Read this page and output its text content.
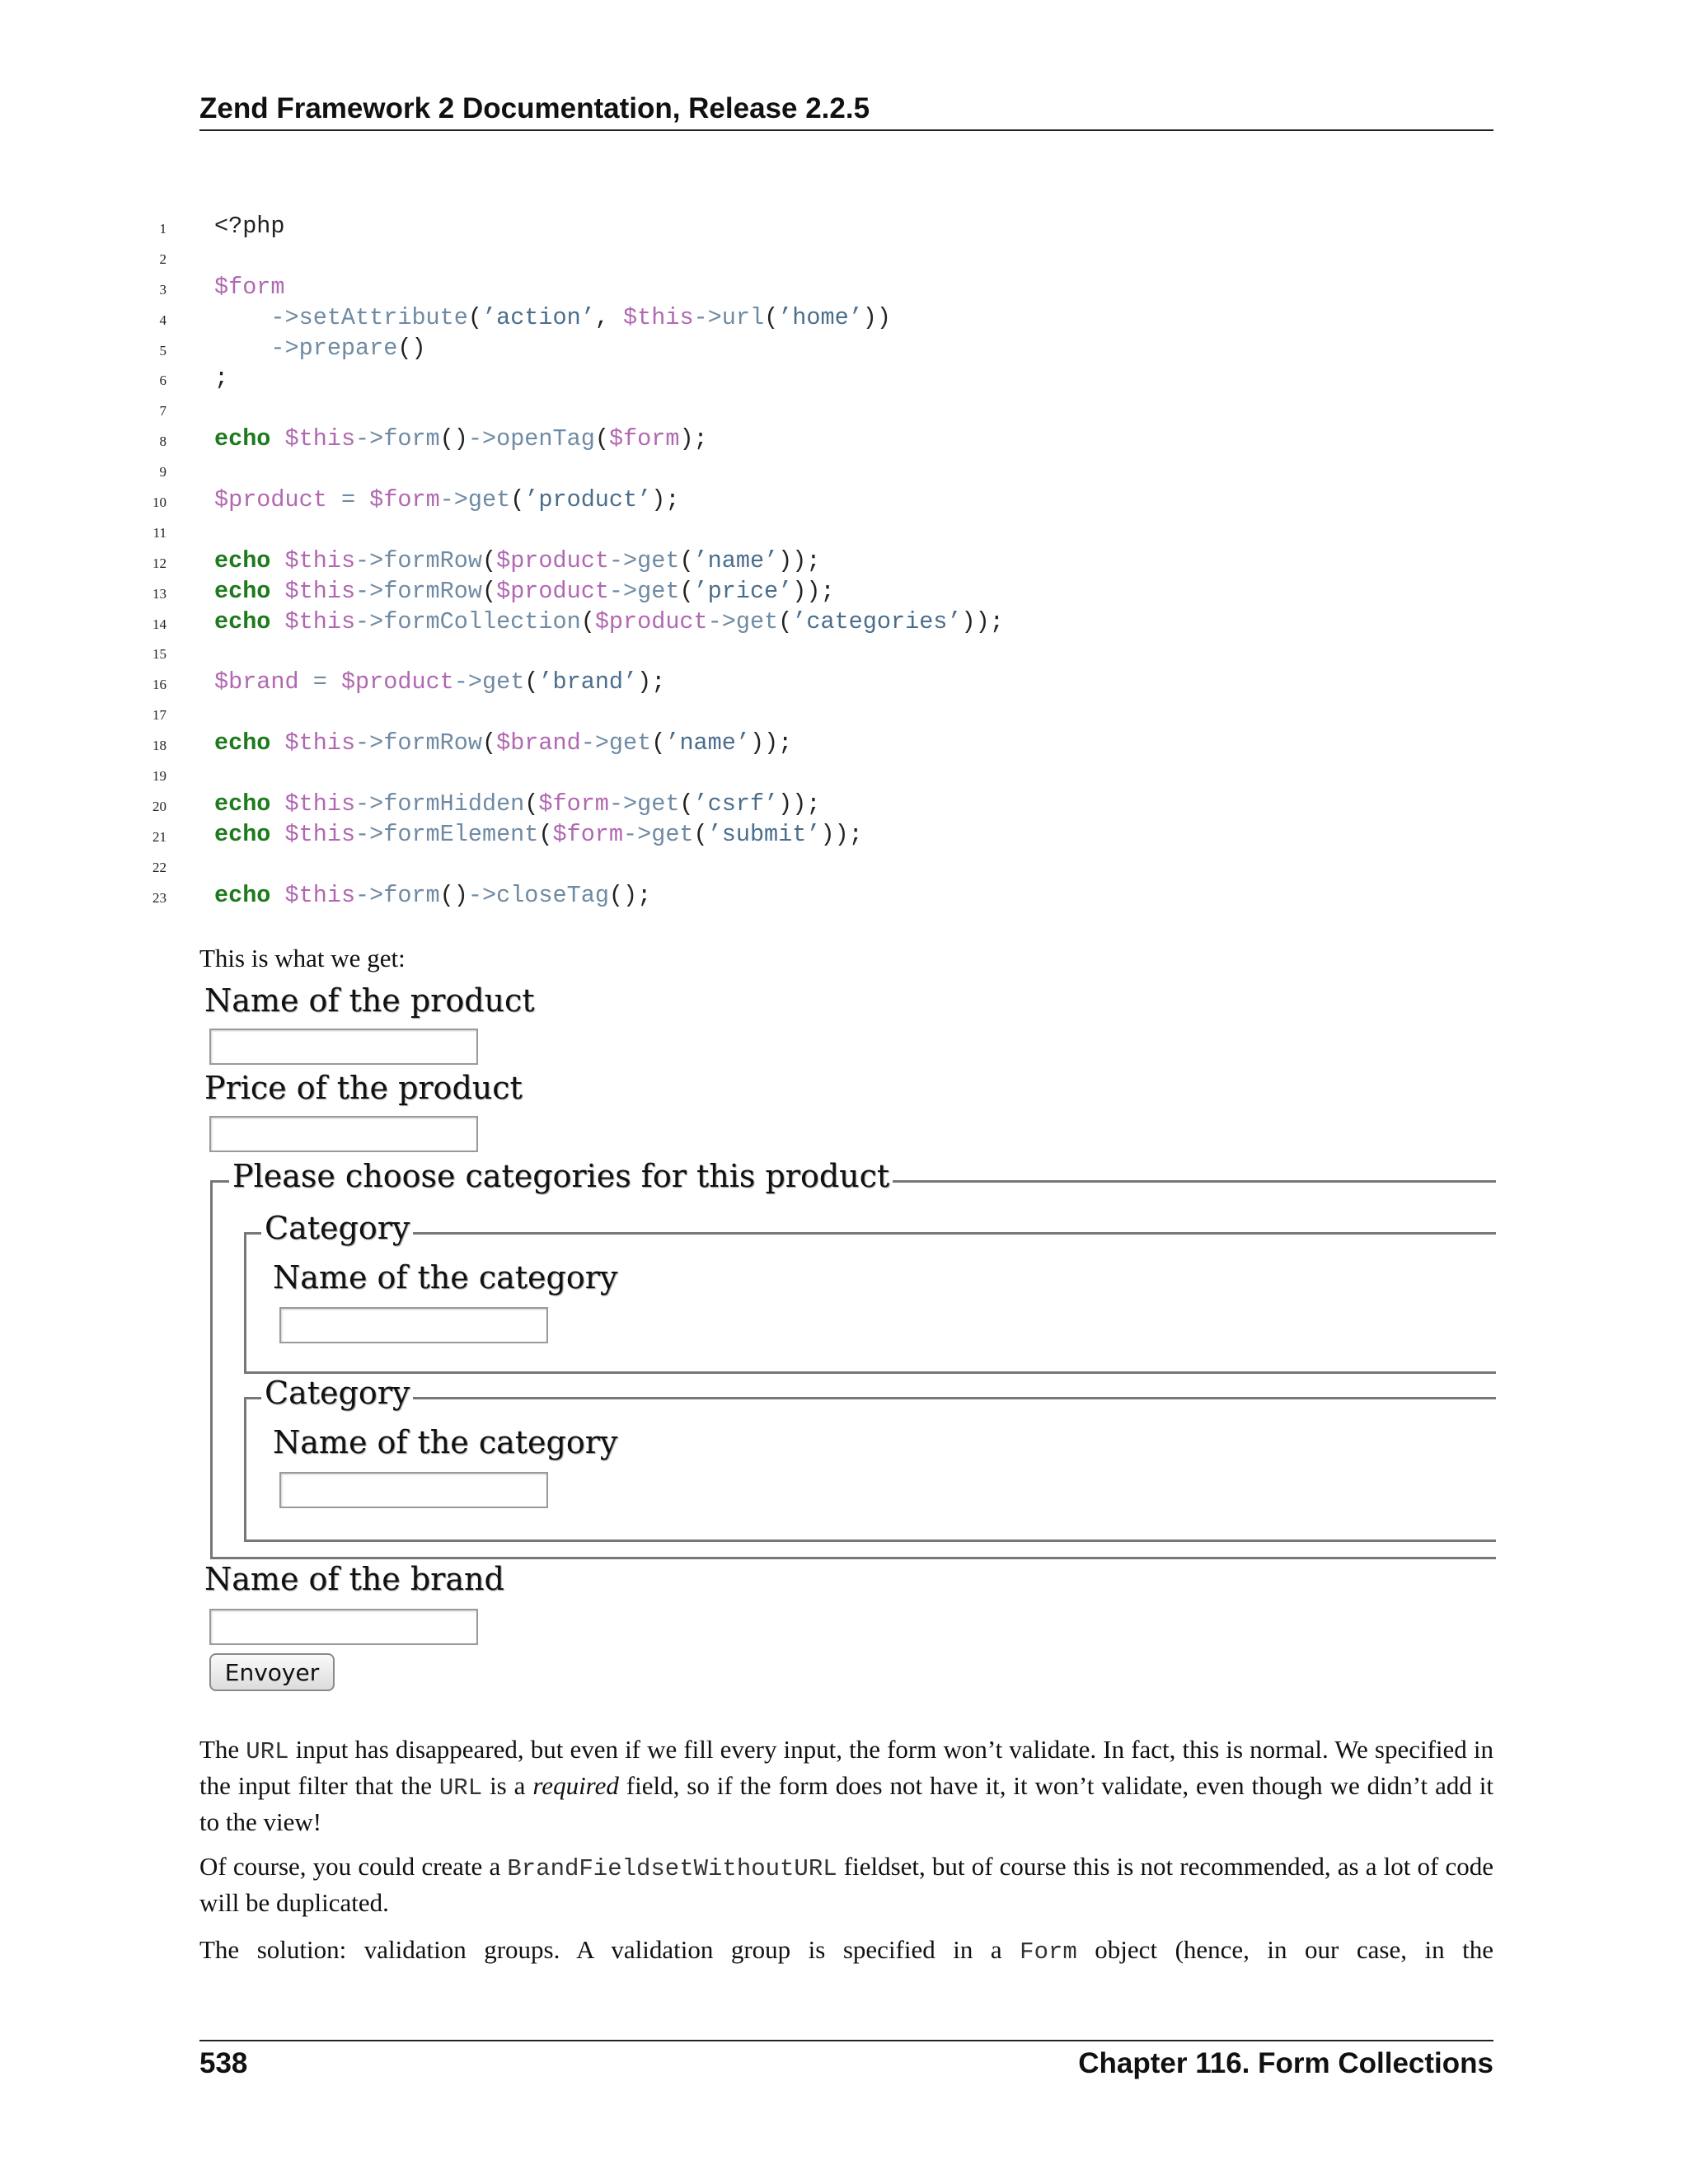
Zend Framework 2 Documentation, Release 2.2.5
1 <?php
2
3 $form
4	->setAttribute(’action’, $this->url(’home’))
5	->prepare()
6 ;
7
8 echo $this->form()->openTag($form);
9
10 $product = $form->get(’product’);
11
12 echo $this->formRow($product->get(’name’));
13 echo $this->formRow($product->get(’price’));
14 echo $this->formCollection($product->get(’categories’));
15
16 $brand = $product->get(’brand’);
17
18 echo $this->formRow($brand->get(’name’));
19
20 echo $this->formHidden($form->get(’csrf’));
21 echo $this->formElement($form->get(’submit’));
22
23 echo $this->form()->closeTag();

This is what we get:

Name of the product
Price of the product
Please choose categories for this product
Category
Name of the category
Category
Name of the category
Name of the brand
Envoyer

The URL input has disappeared, but even if we fill every input, the form won’t validate. In fact, this is normal. We specified in the input filter that the URL is a required field, so if the form does not have it, it won’t validate, even though we didn’t add it to the view!

Of course, you could create a BrandFieldsetWithoutURL fieldset, but of course this is not recommended, as a lot of code will be duplicated.

The solution: validation groups. A validation group is specified in a Form object (hence, in our case, in the

538	Chapter 116. Form Collections
